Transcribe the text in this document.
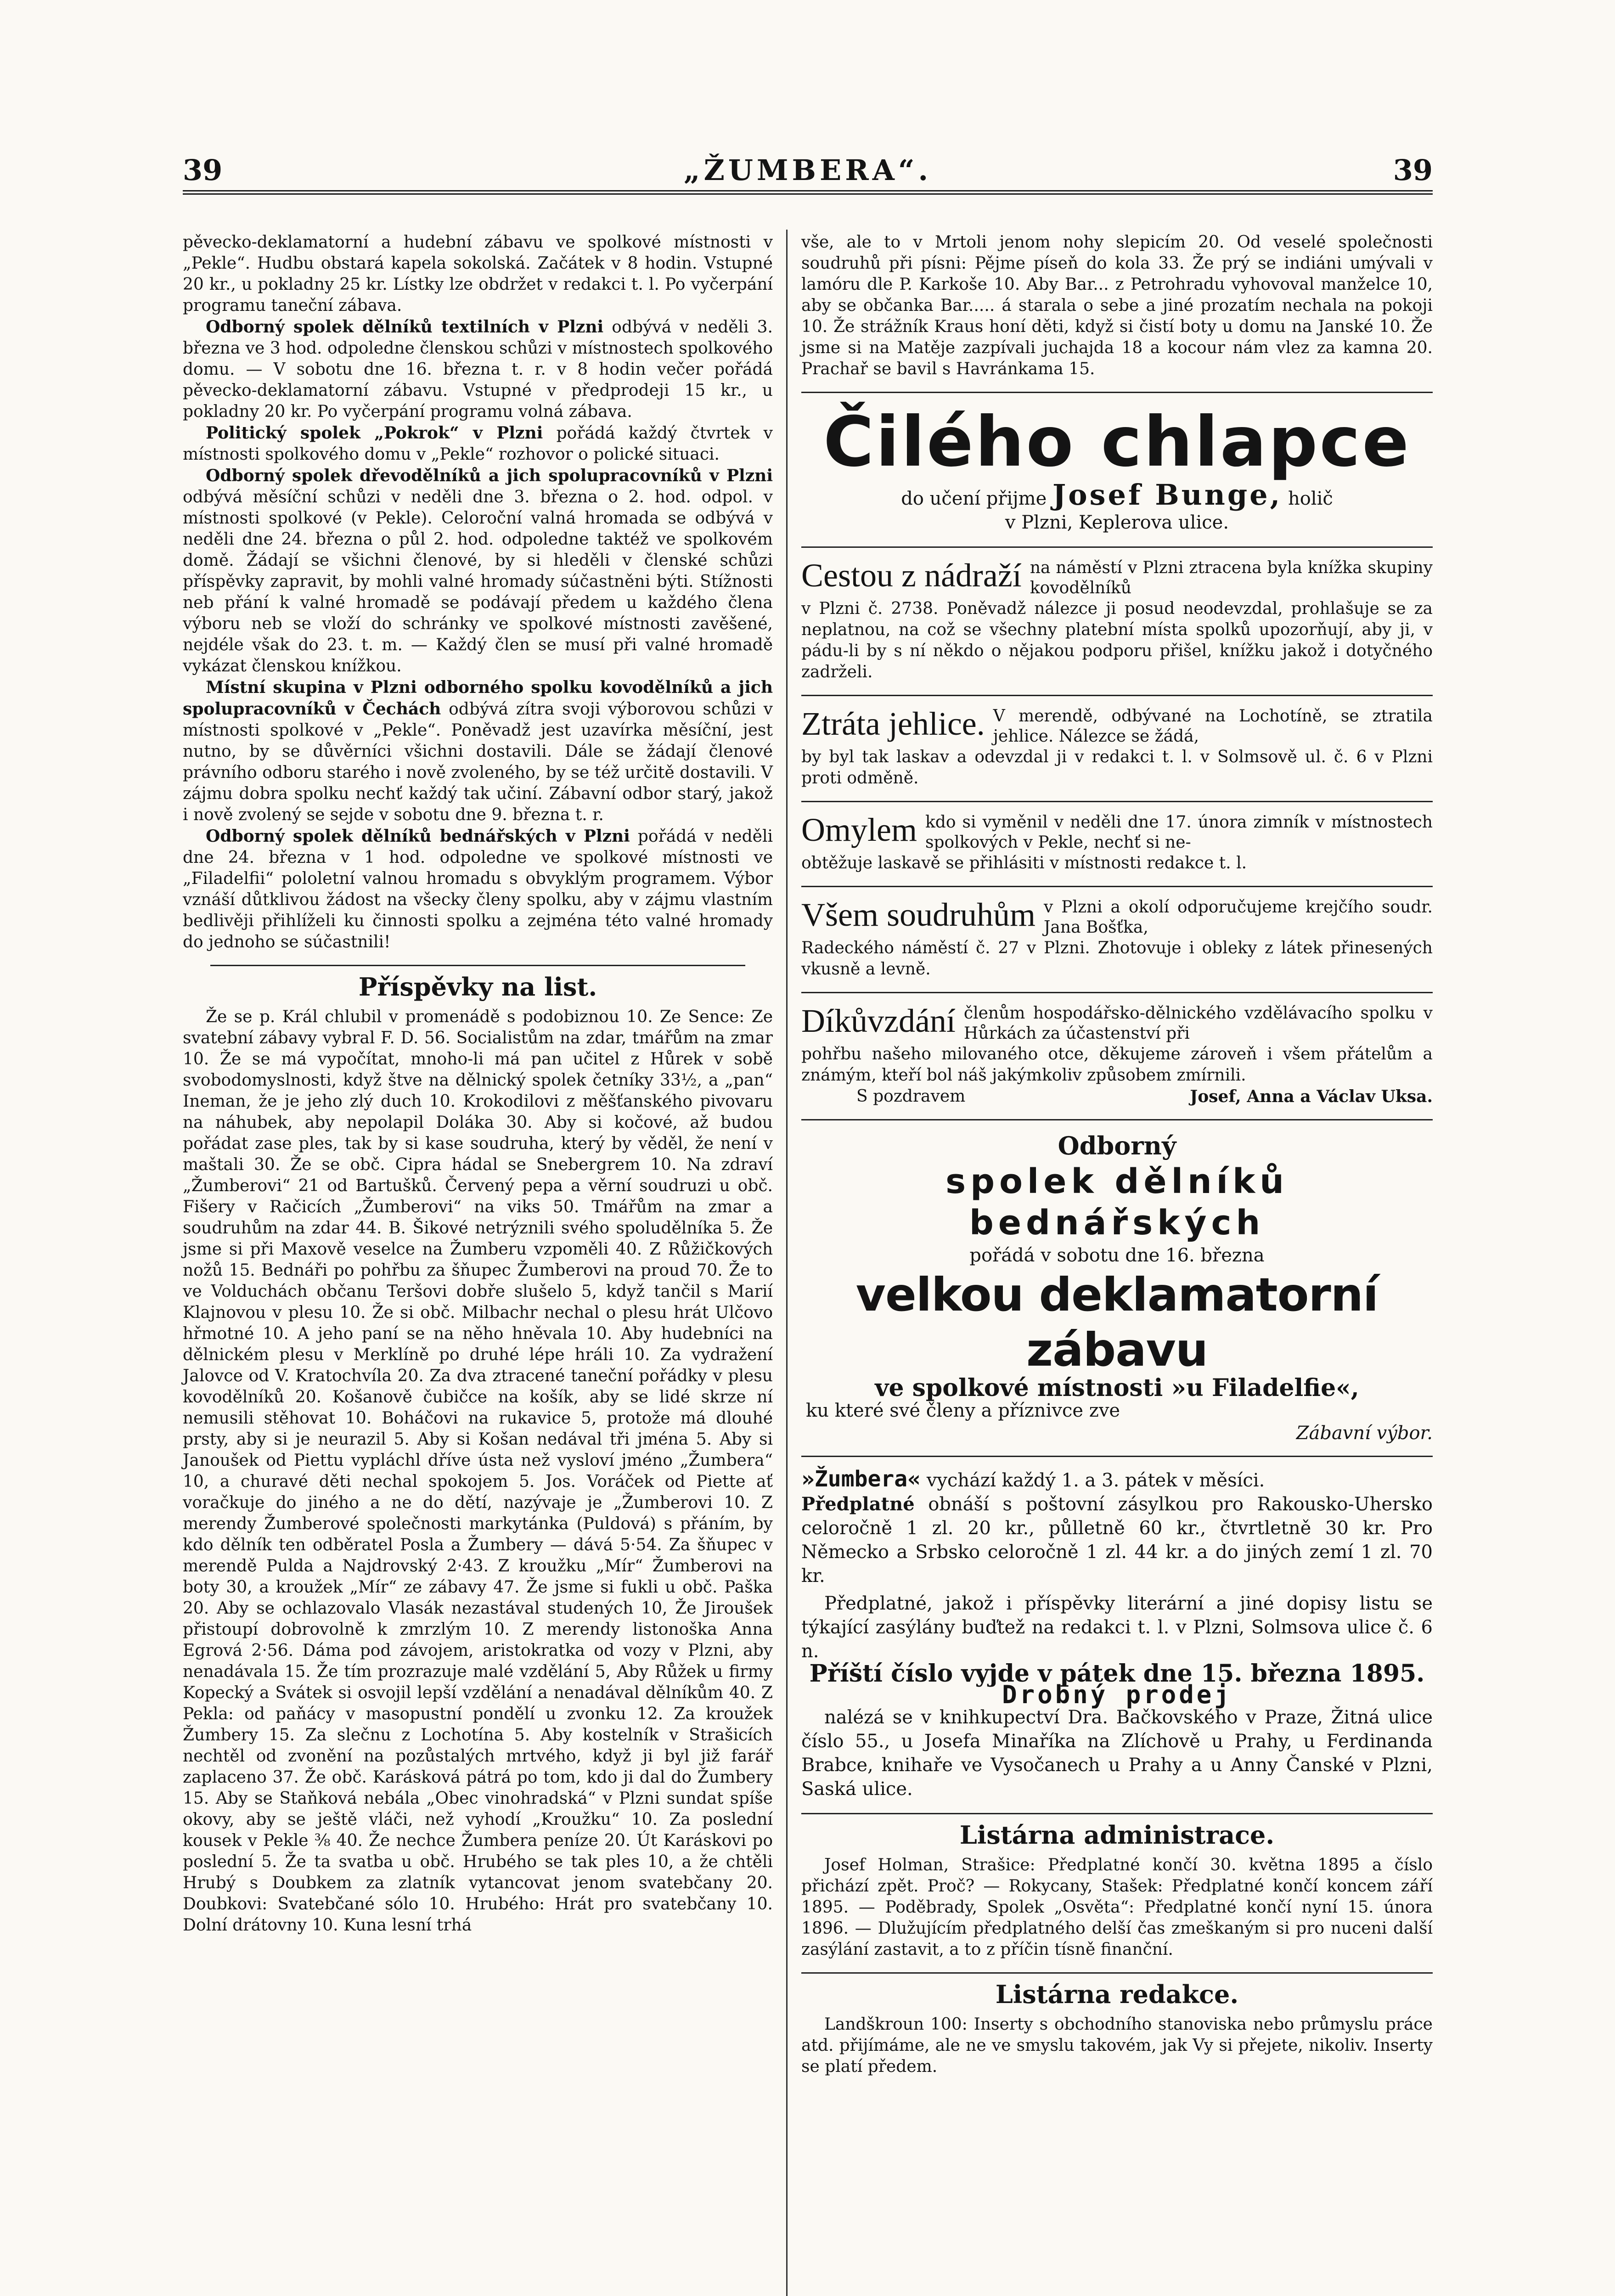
39	„ŽUMBERA“.	39

pěvecko-deklamatorní a hudební zábavu ve spolkové místnosti v „Pekle“. Hudbu obstará kapela sokolská. Začátek v 8 hodin. Vstupné 20 kr., u pokladny 25 kr. Lístky lze obdržet v redakci t. l. Po vyčerpání programu taneční zábava.

Odborný spolek dělníků textilních v Plzni odbývá v neděli 3. března ve 3 hod. odpoledne členskou schůzi v místnostech spolkového domu. — V sobotu dne 16. března t. r. v 8 hodin večer pořádá pěvecko-deklamatorní zábavu. Vstupné v předprodeji 15 kr., u pokladny 20 kr. Po vyčerpání programu volná zábava.

Politický spolek „Pokrok“ v Plzni pořádá každý čtvrtek v místnosti spolkového domu v „Pekle“ rozhovor o polické situaci.

Odborný spolek dřevodělníků a jich spolupracovníků v Plzni odbývá měsíční schůzi v neděli dne 3. března o 2. hod. odpol. v místnosti spolkové (v Pekle). Celoroční valná hromada se odbývá v neděli dne 24. března o půl 2. hod. odpoledne taktéž ve spolkovém domě. Žádají se všichni členové, by si hleděli v členské schůzi příspěvky zapravit, by mohli valné hromady súčastněni býti. Stížnosti neb přání k valné hromadě se podávají předem u každého člena výboru neb se vloží do schránky ve spolkové místnosti zavěšené, nejdéle však do 23. t. m. — Každý člen se musí při valné hromadě vykázat členskou knížkou.

Místní skupina v Plzni odborného spolku kovodělníků a jich spolupracovníků v Čechách odbývá zítra svoji výborovou schůzi v místnosti spolkové v „Pekle“. Poněvadž jest uzavírka měsíční, jest nutno, by se důvěrníci všichni dostavili. Dále se žádají členové právního odboru starého i nově zvoleného, by se též určitě dostavili. V zájmu dobra spolku nechť každý tak učiní. Zábavní odbor starý, jakož i nově zvolený se sejde v sobotu dne 9. března t. r.

Odborný spolek dělníků bednářských v Plzni pořádá v neděli dne 24. března v 1 hod. odpoledne ve spolkové místnosti ve „Filadelfii“ pololetní valnou hromadu s obvyklým programem. Výbor vznáší důtklivou žádost na všecky členy spolku, aby v zájmu vlastním bedlivěji přihlíželi ku činnosti spolku a zejména této valné hromady do jednoho se súčastnili!

Příspěvky na list.

Že se p. Král chlubil v promenádě s podobiznou 10. Ze Sence: Ze svatební zábavy vybral F. D. 56. Socialistům na zdar, tmářům na zmar 10. Že se má vypočítat, mnoho-li má pan učitel z Hůrek v sobě svobodomyslnosti, když štve na dělnický spolek četníky 33½, a „pan“ Ineman, že je jeho zlý duch 10. Krokodilovi z měšťanského pivovaru na náhubek, aby nepolapil Doláka 30. Aby si kočové, až budou pořádat zase ples, tak by si kase soudruha, který by věděl, že není v maštali 30. Že se obč. Cipra hádal se Snebergrem 10. Na zdraví „Žumberovi“ 21 od Bartušků. Červený pepa a věrní soudruzi u obč. Fišery v Račicích „Žumberovi“ na viks 50. Tmářům na zmar a soudruhům na zdar 44. B. Šikové netrýznili svého spoludělníka 5. Že jsme si při Maxově veselce na Žumberu vzpoměli 40. Z Růžičkových nožů 15. Bednáři po pohřbu za šňupec Žumberovi na proud 70. Že to ve Volduchách občanu Teršovi dobře slušelo 5, když tančil s Marií Klajnovou v plesu 10. Že si obč. Milbachr nechal o plesu hrát Ulčovo hřmotné 10. A jeho paní se na něho hněvala 10. Aby hudebníci na dělnickém plesu v Merklíně po druhé lépe hráli 10. Za vydražení Jalovce od V. Kratochvíla 20. Za dva ztracené taneční pořádky v plesu kovodělníků 20. Košanově čubičce na košík, aby se lidé skrze ní nemusili stěhovat 10. Boháčovi na rukavice 5, protože má dlouhé prsty, aby si je neurazil 5. Aby si Košan nedával tři jména 5. Aby si Janoušek od Piettu vypláchl dříve ústa než vysloví jméno „Žumbera“ 10, a churavé děti nechal spokojem 5. Jos. Voráček od Piette ať voračkuje do jiného a ne do dětí, nazývaje je „Žumberovi 10. Z merendy Žumberové společnosti markytánka (Puldová) s přáním, by kdo dělník ten odběratel Posla a Žumbery — dává 5·54. Za šňupec v merendě Pulda a Najdrovský 2·43. Z kroužku „Mír“ Žumberovi na boty 30, a kroužek „Mír“ ze zábavy 47. Že jsme si fukli u obč. Paška 20. Aby se ochlazovalo Vlasák nezastával studených 10, Že Jiroušek přistoupí dobrovolně k zmrzlým 10. Z merendy listonoška Anna Egrová 2·56. Dáma pod závojem, aristokratka od vozy v Plzni, aby nenadávala 15. Že tím prozrazuje malé vzdělání 5, Aby Růžek u firmy Kopecký a Svátek si osvojil lepší vzdělání a nenadával dělníkům 40. Z Pekla: od paňácy v masopustní pondělí u zvonku 12. Za kroužek Žumbery 15. Za slečnu z Lochotína 5. Aby kostelník v Strašicích nechtěl od zvonění na pozůstalých mrtvého, když ji byl již farář zaplaceno 37. Že obč. Karásková pátrá po tom, kdo ji dal do Žumbery 15. Aby se Staňková nebála „Obec vinohradská“ v Plzni sundat spíše okovy, aby se ještě vláči, než vyhodí „Kroužku“ 10. Za poslední kousek v Pekle ⅜ 40. Že nechce Žumbera peníze 20. Út Karáskovi po poslední 5. Že ta svatba u obč. Hrubého se tak ples 10, a že chtěli Hrubý s Doubkem za zlatník vytancovat jenom svatebčany 20. Doubkovi: Svatebčané sólo 10. Hrubého: Hrát pro svatebčany 10. Dolní drátovny 10. Kuna lesní trhá

vše, ale to v Mrtoli jenom nohy slepicím 20. Od veselé společnosti soudruhů při písni: Pějme píseň do kola 33. Že prý se indiáni umývali v lamóru dle P. Karkoše 10. Aby Bar... z Petrohradu vyhovoval manželce 10, aby se občanka Bar..... á starala o sebe a jiné prozatím nechala na pokoji 10. Že strážník Kraus honí děti, když si čistí boty u domu na Janské 10. Že jsme si na Matěje zazpívali juchajda 18 a kocour nám vlez za kamna 20. Prachař se bavil s Havránkama 15.

Čilého chlapce

do učení přijme Josef Bunge, holič

v Plzni, Keplerova ulice.

Cestou z nádraží na náměstí v Plzni ztracena byla knížka skupiny kovodělníků

v Plzni č. 2738. Poněvadž nálezce ji posud neodevzdal, prohlašuje se za neplatnou, na což se všechny platební místa spolků upozorňují, aby ji, v pádu-li by s ní někdo o nějakou podporu přišel, knížku jakož i dotyčného zadrželi.

Ztráta jehlice. V merendě, odbývané na Lochotíně, se ztratila jehlice. Nálezce se žádá,

by byl tak laskav a odevzdal ji v redakci t. l. v Solmsově ul. č. 6 v Plzni proti odměně.

Omylem kdo si vyměnil v neděli dne 17. února zimník v místnostech spolkových v Pekle, nechť si ne-

obtěžuje laskavě se přihlásiti v místnosti redakce t. l.

Všem soudruhům v Plzni a okolí odporučujeme krejčího soudr. Jana Bošťka,

Radeckého náměstí č. 27 v Plzni. Zhotovuje i obleky z látek přinesených vkusně a levně.

Díkůvzdání členům hospodářsko-dělnického vzdělávacího spolku v Hůrkách za účastenství při

pohřbu našeho milovaného otce, děkujeme zároveň i všem přátelům a známým, kteří bol náš jakýmkoliv způsobem zmírnili.

S pozdravem	Josef, Anna a Václav Uksa.
Odborný
spolek dělníků bednářských
pořádá v sobotu dne 16. března
velkou deklamatorní zábavu
ve spolkové místnosti »u Filadelfie«,
ku které své členy a příznivce zve
Zábavní výbor.

»Žumbera« vychází každý 1. a 3. pátek v měsíci.

Předplatné obnáší s poštovní zásylkou pro Rakousko-Uhersko celoročně 1 zl. 20 kr., půlletně 60 kr., čtvrtletně 30 kr. Pro Německo a Srbsko celoročně 1 zl. 44 kr. a do jiných zemí 1 zl. 70 kr.

Předplatné, jakož i příspěvky literární a jiné dopisy listu se týkající zasýlány buďtež na redakci t. l. v Plzni, Solmsova ulice č. 6 n.

Příští číslo vyjde v pátek dne 15. března 1895.
Drobný prodej

nalézá se v knihkupectví Dra. Bačkovského v Praze, Žitná ulice číslo 55., u Josefa Minaříka na Zlíchově u Prahy, u Ferdinanda Brabce, knihaře ve Vysočanech u Prahy a u Anny Čanské v Plzni, Saská ulice.

Listárna administrace.

Josef Holman, Strašice: Předplatné končí 30. května 1895 a číslo přichází zpět. Proč? — Rokycany, Stašek: Předplatné končí koncem září 1895. — Poděbrady, Spolek „Osvěta“: Předplatné končí nyní 15. února 1896. — Dlužujícím předplatného delší čas zmeškaným si pro nuceni další zasýlání zastavit, a to z příčin tísně finanční.

Listárna redakce.

Landškroun 100: Inserty s obchodního stanoviska nebo průmyslu práce atd. přijímáme, ale ne ve smyslu takovém, jak Vy si přejete, nikoliv. Inserty se platí předem.
